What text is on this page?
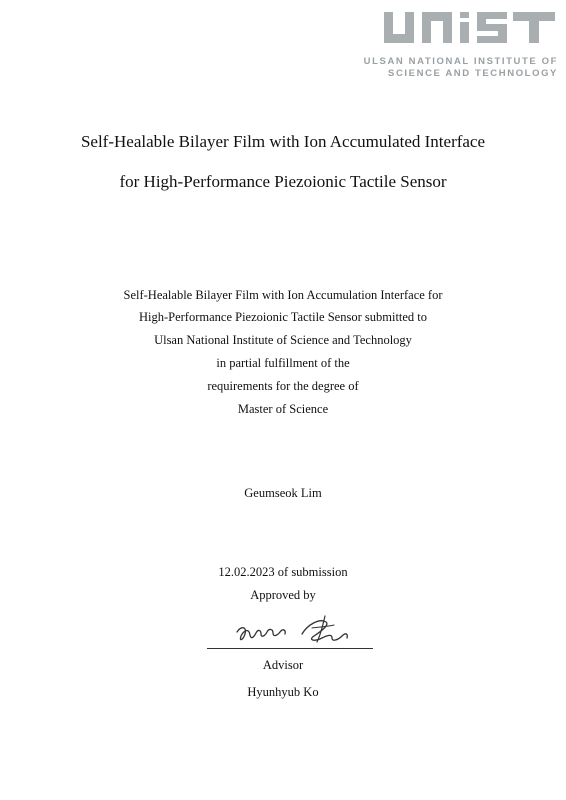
ULSAN NATIONAL INSTITUTE OF
SCIENCE AND TECHNOLOGY
Self-Healable Bilayer Film with Ion Accumulated Interface
for High-Performance Piezoionic Tactile Sensor
Self-Healable Bilayer Film with Ion Accumulation Interface for
High-Performance Piezoionic Tactile Sensor submitted to
Ulsan National Institute of Science and Technology
in partial fulfillment of the
requirements for the degree of
Master of Science
Geumseok Lim
12.02.2023 of submission
Approved by
Advisor
Hyunhyub Ko
